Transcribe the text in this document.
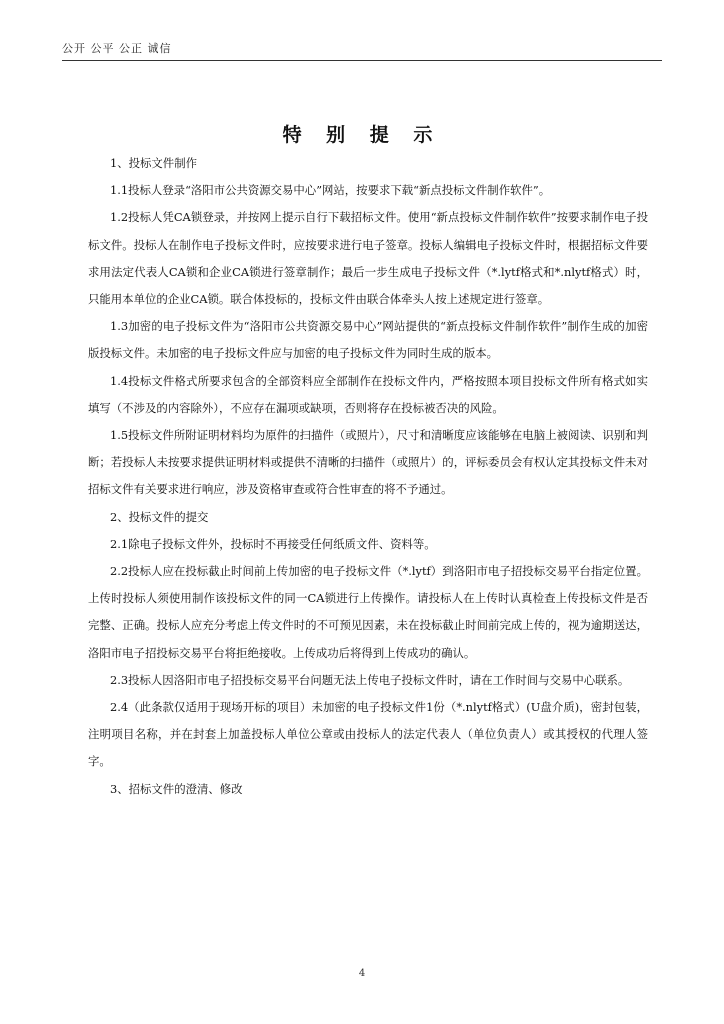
公开 公平 公正 诚信
特 别 提 示

1、投标文件制作

1.1投标人登录“洛阳市公共资源交易中心”网站，按要求下载“新点投标文件制作软件”。

1.2投标人凭CA锁登录，并按网上提示自行下载招标文件。使用“新点投标文件制作软件”按要求制作电子投标文件。投标人在制作电子投标文件时，应按要求进行电子签章。投标人编辑电子投标文件时，根据招标文件要求用法定代表人CA锁和企业CA锁进行签章制作；最后一步生成电子投标文件（*.lytf格式和*.nlytf格式）时，只能用本单位的企业CA锁。联合体投标的，投标文件由联合体牵头人按上述规定进行签章。

1.3加密的电子投标文件为“洛阳市公共资源交易中心”网站提供的“新点投标文件制作软件”制作生成的加密版投标文件。未加密的电子投标文件应与加密的电子投标文件为同时生成的版本。

1.4投标文件格式所要求包含的全部资料应全部制作在投标文件内，严格按照本项目投标文件所有格式如实填写（不涉及的内容除外），不应存在漏项或缺项，否则将存在投标被否决的风险。

1.5投标文件所附证明材料均为原件的扫描件（或照片），尺寸和清晰度应该能够在电脑上被阅读、识别和判断；若投标人未按要求提供证明材料或提供不清晰的扫描件（或照片）的，评标委员会有权认定其投标文件未对招标文件有关要求进行响应，涉及资格审查或符合性审查的将不予通过。

2、投标文件的提交

2.1除电子投标文件外，投标时不再接受任何纸质文件、资料等。

2.2投标人应在投标截止时间前上传加密的电子投标文件（*.lytf）到洛阳市电子招投标交易平台指定位置。上传时投标人须使用制作该投标文件的同一CA锁进行上传操作。请投标人在上传时认真检查上传投标文件是否完整、正确。投标人应充分考虑上传文件时的不可预见因素，未在投标截止时间前完成上传的，视为逾期送达，洛阳市电子招投标交易平台将拒绝接收。上传成功后将得到上传成功的确认。

2.3投标人因洛阳市电子招投标交易平台问题无法上传电子投标文件时，请在工作时间与交易中心联系。

2.4（此条款仅适用于现场开标的项目）未加密的电子投标文件1份（*.nlytf格式）(U盘介质)，密封包装，注明项目名称，并在封套上加盖投标人单位公章或由投标人的法定代表人（单位负责人）或其授权的代理人签字。

3、招标文件的澄清、修改

4
